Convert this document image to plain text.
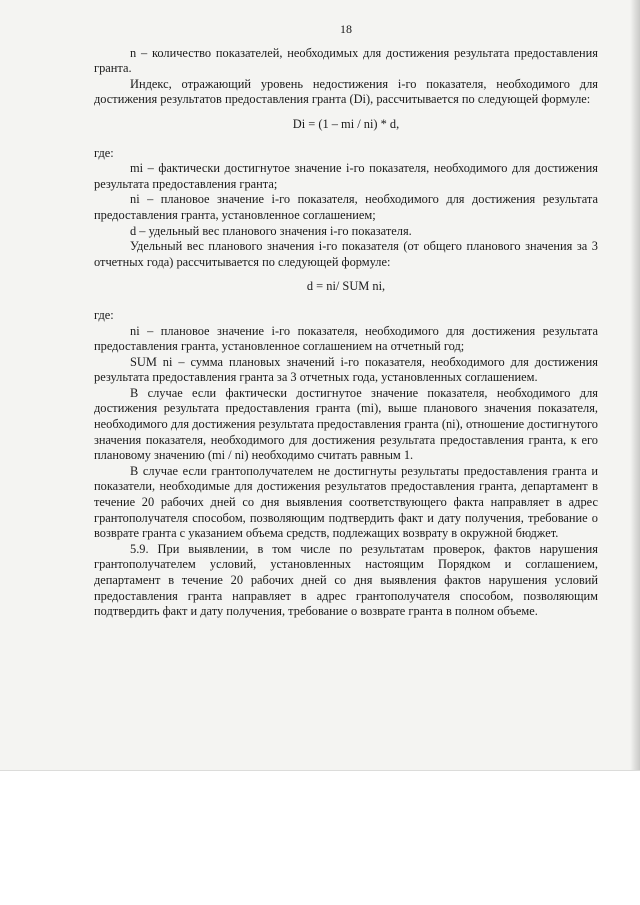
18

n – количество показателей, необходимых для достижения результата предоставления гранта.

Индекс, отражающий уровень недостижения i-го показателя, необходимого для достижения результатов предоставления гранта (Di), рассчитывается по следующей формуле:

Di = (1 – mi / ni) * d,

где:

mi – фактически достигнутое значение i-го показателя, необходимого для достижения результата предоставления гранта;

ni – плановое значение i-го показателя, необходимого для достижения результата предоставления гранта, установленное соглашением;

d – удельный вес планового значения i-го показателя.

Удельный вес планового значения i-го показателя (от общего планового значения за 3 отчетных года) рассчитывается по следующей формуле:

d = ni/ SUM ni,

где:

ni – плановое значение i-го показателя, необходимого для достижения результата предоставления гранта, установленное соглашением на отчетный год;

SUM ni – сумма плановых значений i-го показателя, необходимого для достижения результата предоставления гранта за 3 отчетных года, установленных соглашением.

В случае если фактически достигнутое значение показателя, необходимого для достижения результата предоставления гранта (mi), выше планового значения показателя, необходимого для достижения результата предоставления гранта (ni), отношение достигнутого значения показателя, необходимого для достижения результата предоставления гранта, к его плановому значению (mi / ni) необходимо считать равным 1.

В случае если грантополучателем не достигнуты результаты предоставления гранта и показатели, необходимые для достижения результатов предоставления гранта, департамент в течение 20 рабочих дней со дня выявления соответствующего факта направляет в адрес грантополучателя способом, позволяющим подтвердить факт и дату получения, требование о возврате гранта с указанием объема средств, подлежащих возврату в окружной бюджет.

5.9. При выявлении, в том числе по результатам проверок, фактов нарушения грантополучателем условий, установленных настоящим Порядком и соглашением, департамент в течение 20 рабочих дней со дня выявления фактов нарушения условий предоставления гранта направляет в адрес грантополучателя способом, позволяющим подтвердить факт и дату получения, требование о возврате гранта в полном объеме.
